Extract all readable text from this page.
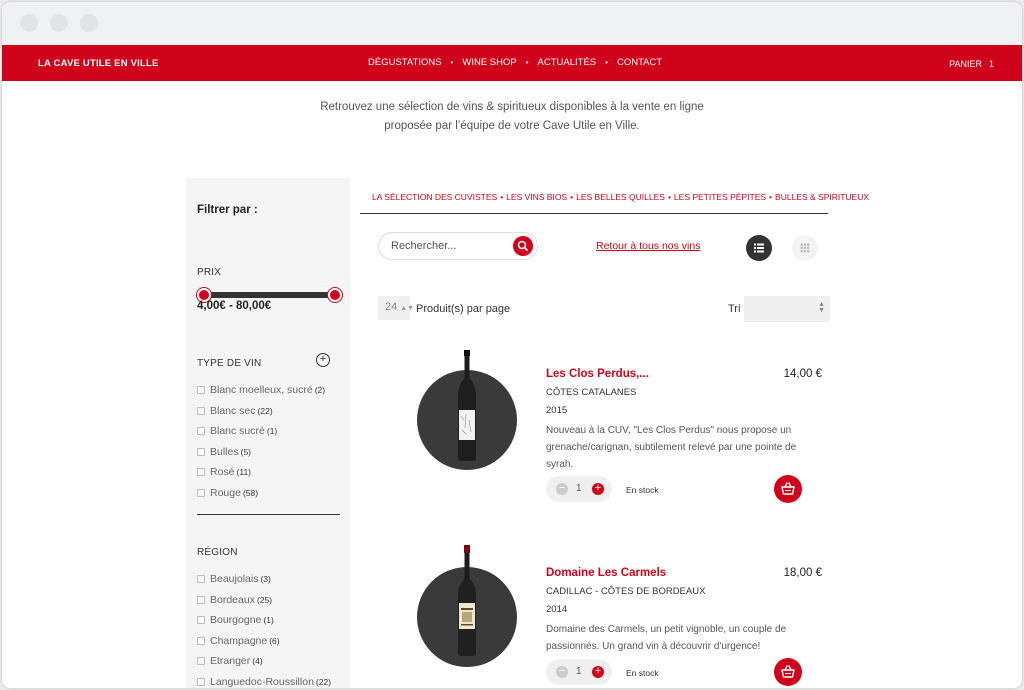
LA CAVE UTILE EN VILLE	DÉGUSTATIONS • WINE SHOP • ACTUALITÉS • CONTACT	PANIER 1
Retrouvez une sélection de vins & spiritueux disponibles à la vente en ligne
proposée par l’équipe de votre Cave Utile en Ville.
Filtrer par :
PRIX
4,00€ - 80,00€
TYPE DE VIN	+
Blanc moelleux, sucré (2)
Blanc sec (22)
Blanc sucré (1)
Bulles (5)
Rosé (11)
Rouge (58)
RÉGION
Beaujolais (3)
Bordeaux (25)
Bourgogne (1)
Champagne (6)
Etranger (4)
Languedoc-Roussillon (22)
LA SÉLECTION DES CUVISTES • LES VINS BIOS • LES BELLES QUILLES • LES PETITES PÉPITES • BULLES & SPIRITUEUX
Rechercher...
Retour à tous nos vins
24 ▲▼ Produit(s) par page	Tri	▲
▼
Les Clos Perdus,...	14,00 €
CÔTES CATALANES
2015
Nouveau à la CUV, "Les Clos Perdus" nous propose un grenache/carignan, subtilement relevé par une pointe de syrah.
− 1 +	En stock
Domaine Les Carmels	18,00 €
CADILLAC - CÔTES DE BORDEAUX
2014
Domaine des Carmels, un petit vignoble, un couple de passionnés. Un grand vin à découvrir d'urgence!
− 1 +	En stock
